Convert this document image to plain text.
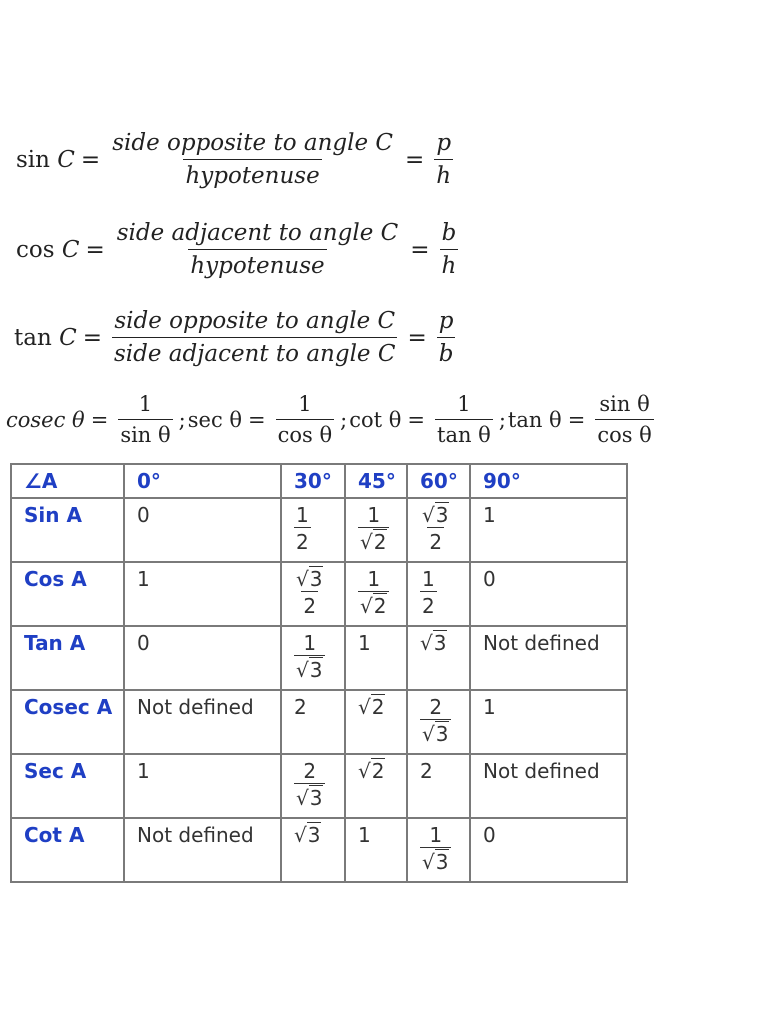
sin
$C = \frac{\text{side opposite to angle C}}{\text{hypotenuse}} = \frac{p}{h}$
cos
$C = \frac{\text{side adjacent to angle C}}{\text{hypotenuse}} = \frac{b}{h}$
tan
$C = \frac{\text{side opposite to angle C}}{\text{side adjacent to angle C}} = \frac{p}{b}$
cosec $\theta = \frac{1}{\text{sin θ}}$ ; $\sec \theta = \frac{1}{\text{cos θ}}$ ; $\cot \theta = \frac{1}{\text{tan θ}}$ ; $\tan \theta = \frac{\text{sin θ}}{\text{cos θ}}$
∠A	0°	30°	45°	60°	90°
Sin A	0	$\frac{1}{2}$	$\frac{1}{√2}$	$\frac{√3}{2}$	1
Cos A	1	$\frac{√3}{2}$	$\frac{1}{√2}$	$\frac{1}{2}$	0
Tan A	0	$\frac{1}{√3}$	1	√3	Not defined
Cosec A	Not defined	2	√2	$\frac{2}{√3}$	1
Sec A	1	$\frac{2}{√3}$	√2	2	Not defined
Cot A	Not defined	√3	1	$\frac{1}{√3}$	0
